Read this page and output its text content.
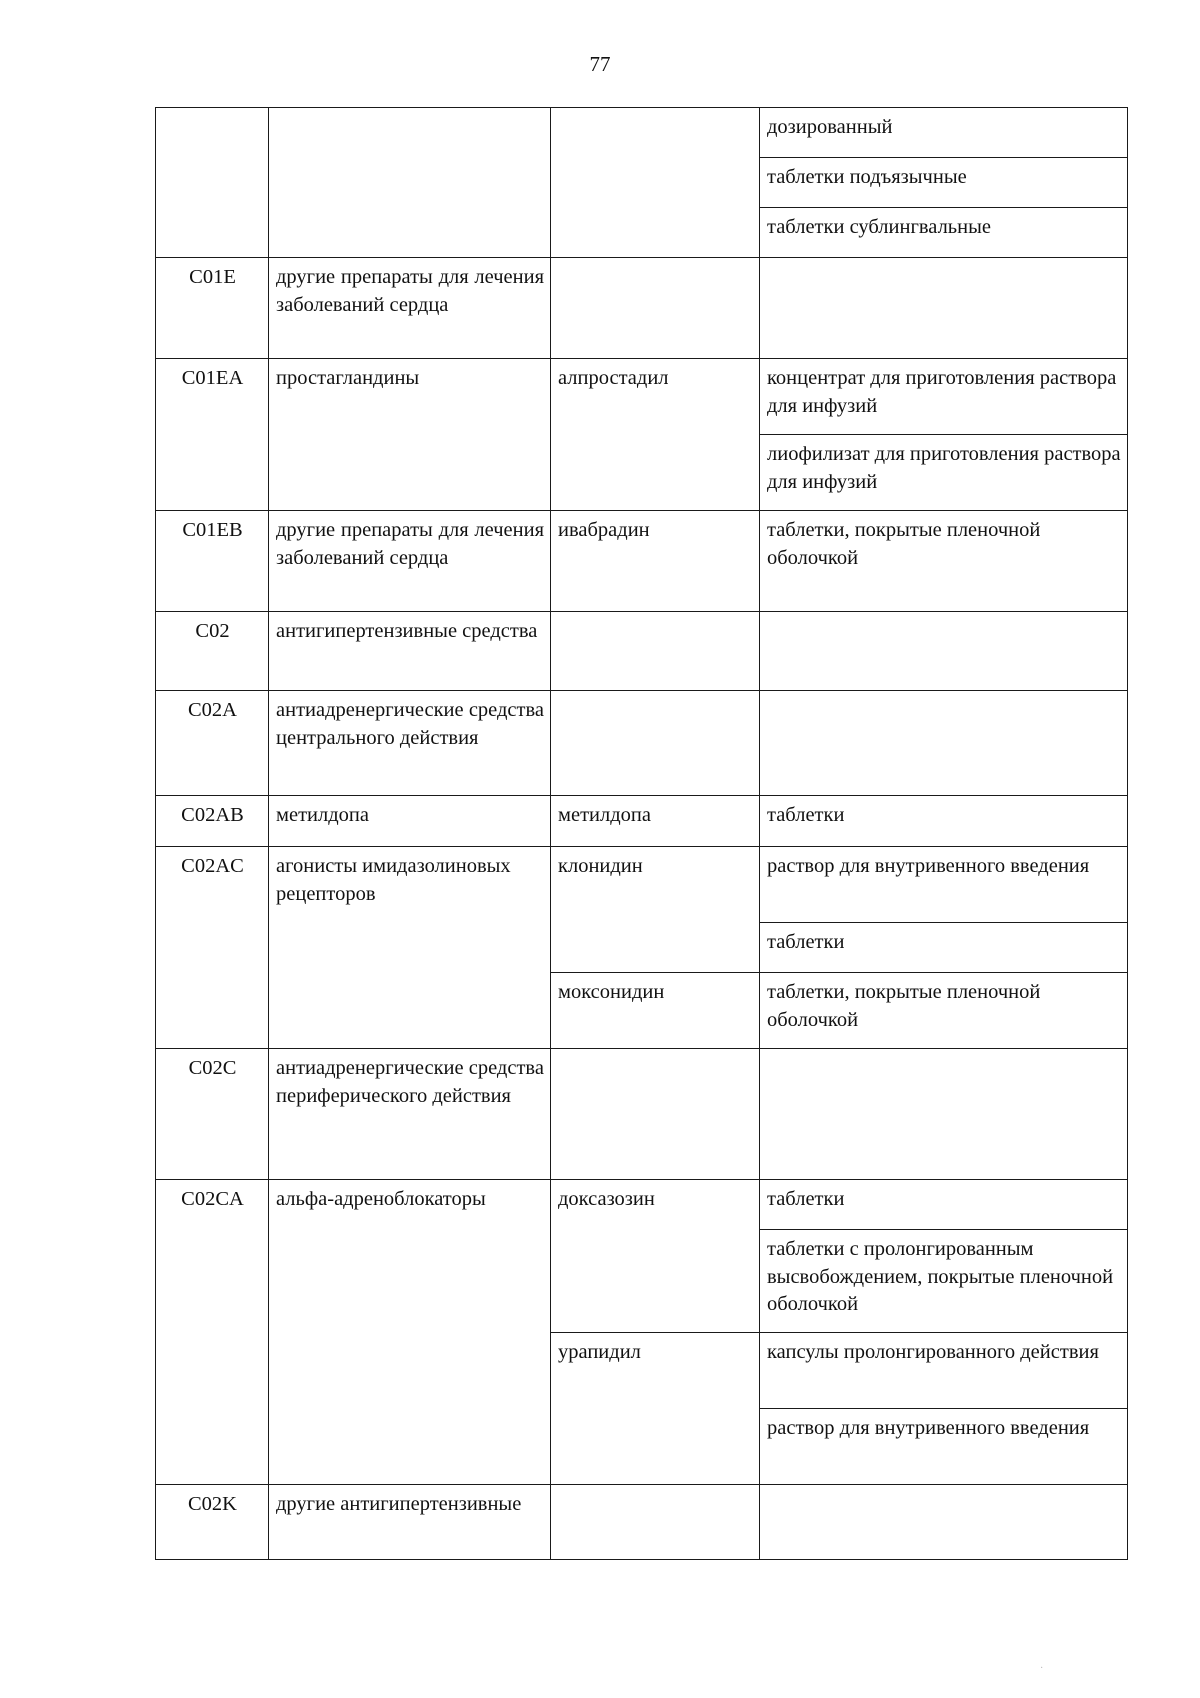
77
			дозированный
			таблетки подъязычные
			таблетки сублингвальные
C01E	другие препараты для лечения заболеваний сердца		
C01EA	простагландины	алпростадил	концентрат для приготовления раствора для инфузий
			лиофилизат для приготовления раствора для инфузий
C01EB	другие препараты для лечения заболеваний сердца	ивабрадин	таблетки, покрытые пленочной оболочкой
C02	антигипертензивные средства		
C02A	антиадренергические средства центрального действия		
C02AB	метилдопа	метилдопа	таблетки
C02AC	агонисты имидазолиновых рецепторов	клонидин	раствор для внутривенного введения
			таблетки
		моксонидин	таблетки, покрытые пленочной оболочкой
C02C	антиадренергические средства периферического действия		
C02CA	альфа-адреноблокаторы	доксазозин	таблетки
			таблетки с пролонгированным высвобождением, покрытые пленочной оболочкой
		урапидил	капсулы пролонгированного действия
			раствор для внутривенного введения
C02K	другие антигипертензивные		
·
